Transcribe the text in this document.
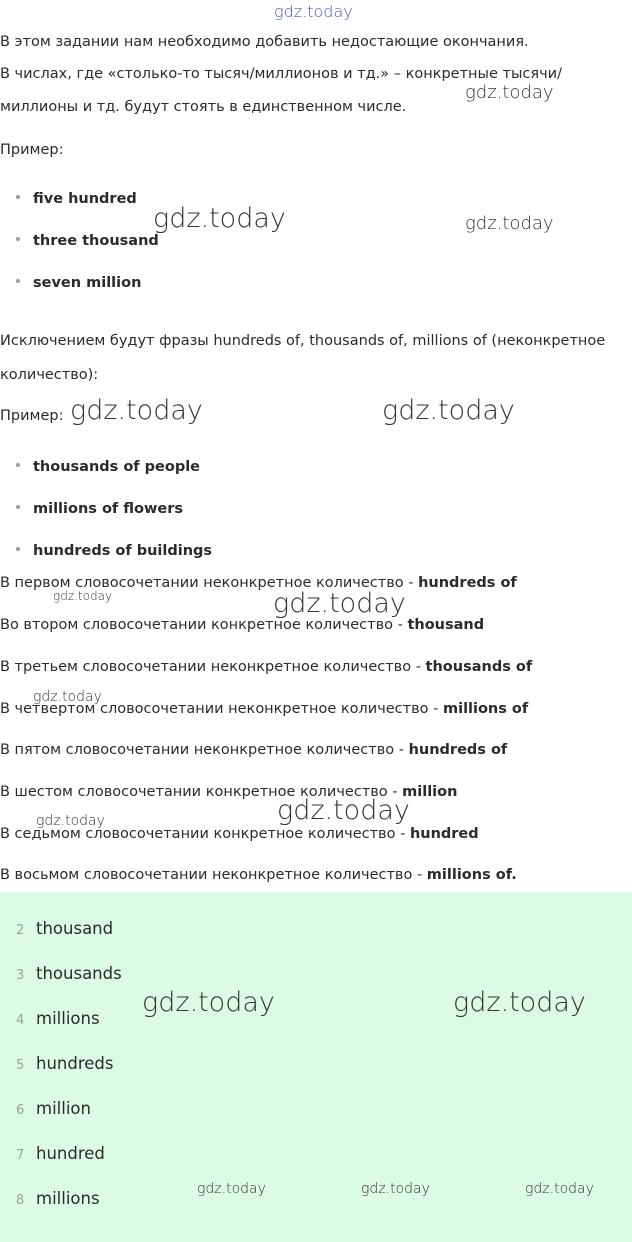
gdz.today

В этом задании нам необходимо добавить недостающие окончания.

В числах, где «столько-то тысяч/миллионов и тд.» – конкретные тысячи/

миллионы и тд. будут стоять в единственном числе.

Пример:

five hundred
three thousand
seven million

Исключением будут фразы hundreds of, thousands of, millions of (неконкретное

количество):

Пример:

thousands of people
millions of flowers
hundreds of buildings

В первом словосочетании неконкретное количество - hundreds of

Во втором словосочетании конкретное количество - thousand

В третьем словосочетании неконкретное количество - thousands of

В четвертом словосочетании неконкретное количество - millions of

В пятом словосочетании неконкретное количество - hundreds of

В шестом словосочетании конкретное количество - million

В седьмом словосочетании конкретное количество - hundred

В восьмом словосочетании неконкретное количество - millions of.

2 thousand
3 thousands
4 millions
5 hundreds
6 million
7 hundred
8 millions
gdz.today
gdz.today	gdz.today
gdz.today	gdz.today
gdz.today	gdz.today
gdz.today
gdz.today
gdz.today
gdz.today	gdz.today
gdz.today	gdz.today	gdz.today
